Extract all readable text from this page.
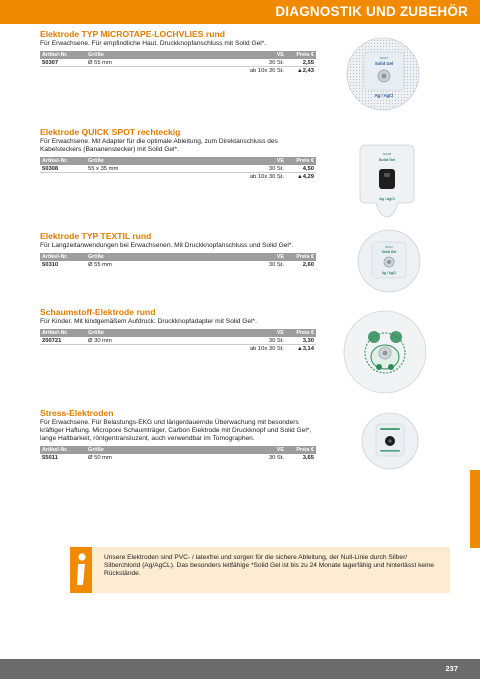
DIAGNOSTIK UND ZUBEHÖR
Elektrode TYP MICROTAPE-LOCHVLIES rund
Für Erwachsene. Für empfindliche Haut. Druckknopfanschluss mit Solid Gel*.
Artikel-Nr.	Größe	VE	Preis €
50307	Ø 55 mm	30 St.	2,55
		ab 10x 30 St.	▲2,43
50307
Solid Gel
Ag / AgCl
Elektrode QUICK SPOT rechteckig
Für Erwachsene. Mit Adapter für die optimale Ableitung, zum Direktanschluss des Kabelsteckers (Bananenstecker) mit Solid Gel*.
Artikel-Nr.	Größe	VE	Preis €
50308	55 x 35 mm	30 St.	4,50
		ab 10x 30 St.	▲4,29
50308
Solid Gel
Ag / AgCl
Elektrode TYP TEXTIL rund
Für Langzeitanwendungen bei Erwachsenen. Mit Druckknopfanschluss und Solid Gel*.
Artikel-Nr.	Größe	VE	Preis €
50310	Ø 55 mm	30 St.	2,60
50310
Solid Gel
Ag / AgCl
Schaumstoff-Elektrode rund
Für Kinder. Mit kindgemäßem Aufdruck. Druckknopfadapter mit Solid Gel*.
Artikel-Nr.	Größe	VE	Preis €
200721	Ø 30 mm	30 St.	3,30
		ab 10x 30 St.	▲3,14
Stress-Elektroden
Für Erwachsene. Für Belastungs-EKG und längerdauernde Überwachung mit besonders kräftiger Haftung. Micropore Schaumträger, Carbon Elektrode mit Druckknopf und Solid Gel*, lange Haltbarkeit, röntgentransluzent, auch verwendbar im Tomographen.
Artikel-Nr.	Größe	VE	Preis €
55011	Ø 50 mm	30 St.	3,65
Unsere Elektroden sind PVC- / latexfrei und sorgen für die sichere Ableitung, der Null-Linie durch Silber/ Silberchlorid (Ag/AgCL). Das besonders leitfähige *Solid Gel ist bis zu 24 Monate lagerfähig und hinterlässt keine Rückstände.
237
